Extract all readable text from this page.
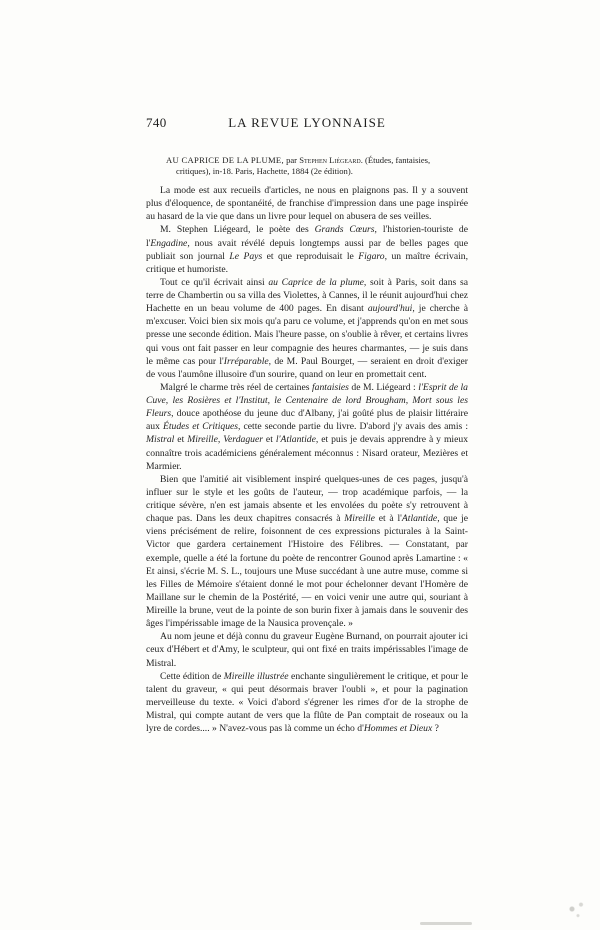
740	LA REVUE LYONNAISE
AU CAPRICE DE LA PLUME, par Stephen Liégeard. (Études, fantaisies,
critiques), in-18. Paris, Hachette, 1884 (2e édition).

La mode est aux recueils d'articles, ne nous en plaignons pas. Il y a souvent plus d'éloquence, de spontanéité, de franchise d'impression dans une page inspirée au hasard de la vie que dans un livre pour lequel on abusera de ses veilles.

M. Stephen Liégeard, le poète des Grands Cœurs, l'historien-touriste de l'Engadine, nous avait révélé depuis longtemps aussi par de belles pages que publiait son journal Le Pays et que reproduisait le Figaro, un maître écrivain, critique et humoriste.

Tout ce qu'il écrivait ainsi au Caprice de la plume, soit à Paris, soit dans sa terre de Chambertin ou sa villa des Violettes, à Cannes, il le réunit aujourd'hui chez Hachette en un beau volume de 400 pages. En disant aujourd'hui, je cherche à m'excuser. Voici bien six mois qu'a paru ce volume, et j'apprends qu'on en met sous presse une seconde édition. Mais l'heure passe, on s'oublie à rêver, et certains livres qui vous ont fait passer en leur compagnie des heures charmantes, — je suis dans le même cas pour l'Irréparable, de M. Paul Bourget, — seraient en droit d'exiger de vous l'aumône illusoire d'un sourire, quand on leur en promettait cent.

Malgré le charme très réel de certaines fantaisies de M. Liégeard : l'Esprit de la Cuve, les Rosières et l'Institut, le Centenaire de lord Brougham, Mort sous les Fleurs, douce apothéose du jeune duc d'Albany, j'ai goûté plus de plaisir littéraire aux Études et Critiques, cette seconde partie du livre. D'abord j'y avais des amis : Mistral et Mireille, Verdaguer et l'Atlantide, et puis je devais apprendre à y mieux connaître trois académiciens généralement méconnus : Nisard orateur, Mezières et Marmier.

Bien que l'amitié ait visiblement inspiré quelques-unes de ces pages, jusqu'à influer sur le style et les goûts de l'auteur, — trop académique parfois, — la critique sévère, n'en est jamais absente et les envolées du poète s'y retrouvent à chaque pas. Dans les deux chapitres consacrés à Mireille et à l'Atlantide, que je viens précisément de relire, foisonnent de ces expressions picturales à la Saint-Victor que gardera certainement l'Histoire des Félibres. — Constatant, par exemple, quelle a été la fortune du poète de rencontrer Gounod après Lamartine : « Et ainsi, s'écrie M. S. L., toujours une Muse succédant à une autre muse, comme si les Filles de Mémoire s'étaient donné le mot pour échelonner devant l'Homère de Maillane sur le chemin de la Postérité, — en voici venir une autre qui, souriant à Mireille la brune, veut de la pointe de son burin fixer à jamais dans le souvenir des âges l'impérissable image de la Nausica provençale. »

Au nom jeune et déjà connu du graveur Eugène Burnand, on pourrait ajouter ici ceux d'Hébert et d'Amy, le sculpteur, qui ont fixé en traits impérissables l'image de Mistral.

Cette édition de Mireille illustrée enchante singulièrement le critique, et pour le talent du graveur, « qui peut désormais braver l'oubli », et pour la pagination merveilleuse du texte. « Voici d'abord s'égrener les rimes d'or de la strophe de Mistral, qui compte autant de vers que la flûte de Pan comptait de roseaux ou la lyre de cordes.... » N'avez-vous pas là comme un écho d'Hommes et Dieux ?
